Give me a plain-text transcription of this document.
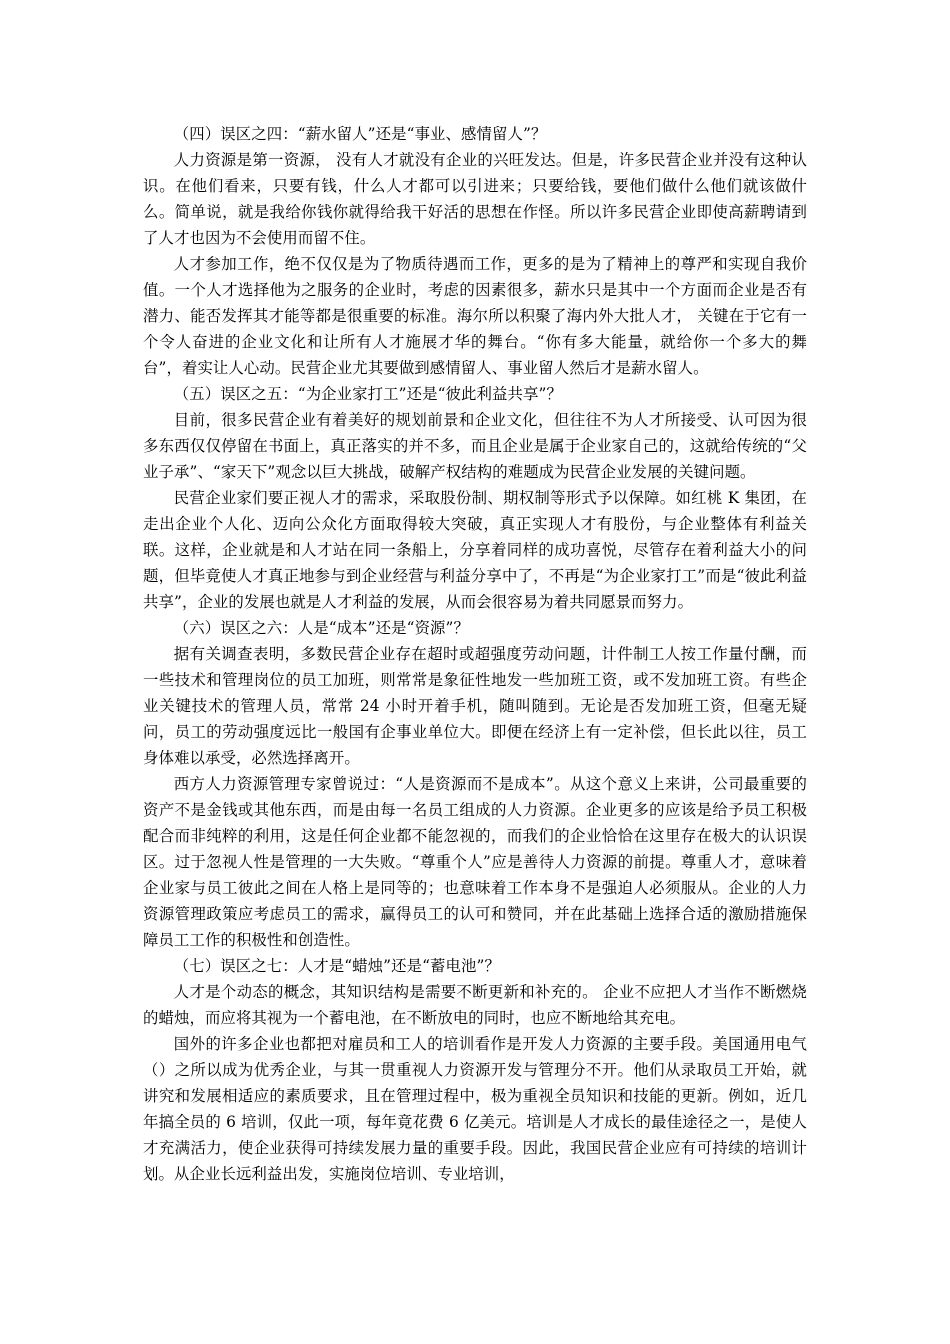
（四）误区之四：“薪水留人”还是“事业、感情留人”？

人力资源是第一资源， 没有人才就没有企业的兴旺发达。但是，许多民营企业并没有这种认识。在他们看来，只要有钱，什么人才都可以引进来；只要给钱，要他们做什么他们就该做什么。简单说，就是我给你钱你就得给我干好活的思想在作怪。所以许多民营企业即使高薪聘请到了人才也因为不会使用而留不住。

人才参加工作，绝不仅仅是为了物质待遇而工作，更多的是为了精神上的尊严和实现自我价值。一个人才选择他为之服务的企业时，考虑的因素很多，薪水只是其中一个方面而企业是否有潜力、能否发挥其才能等都是很重要的标准。海尔所以积聚了海内外大批人才， 关键在于它有一个令人奋进的企业文化和让所有人才施展才华的舞台。“你有多大能量，就给你一个多大的舞台”，着实让人心动。民营企业尤其要做到感情留人、事业留人然后才是薪水留人。

（五）误区之五：“为企业家打工”还是“彼此利益共享”？

目前，很多民营企业有着美好的规划前景和企业文化，但往往不为人才所接受、认可因为很多东西仅仅停留在书面上，真正落实的并不多，而且企业是属于企业家自己的，这就给传统的“父业子承”、“家天下”观念以巨大挑战，破解产权结构的难题成为民营企业发展的关键问题。

民营企业家们要正视人才的需求，采取股份制、期权制等形式予以保障。如红桃 K 集团，在走出企业个人化、迈向公众化方面取得较大突破，真正实现人才有股份，与企业整体有利益关联。这样，企业就是和人才站在同一条船上，分享着同样的成功喜悦，尽管存在着利益大小的问题，但毕竟使人才真正地参与到企业经营与利益分享中了，不再是“为企业家打工”而是“彼此利益共享”，企业的发展也就是人才利益的发展，从而会很容易为着共同愿景而努力。

（六）误区之六：人是“成本”还是“资源”？

据有关调查表明，多数民营企业存在超时或超强度劳动问题，计件制工人按工作量付酬，而一些技术和管理岗位的员工加班，则常常是象征性地发一些加班工资，或不发加班工资。有些企业关键技术的管理人员，常常 24 小时开着手机，随叫随到。无论是否发加班工资，但毫无疑问，员工的劳动强度远比一般国有企事业单位大。即便在经济上有一定补偿，但长此以往，员工身体难以承受，必然选择离开。

西方人力资源管理专家曾说过：“人是资源而不是成本”。从这个意义上来讲，公司最重要的资产不是金钱或其他东西，而是由每一名员工组成的人力资源。企业更多的应该是给予员工积极配合而非纯粹的利用，这是任何企业都不能忽视的，而我们的企业恰恰在这里存在极大的认识误区。过于忽视人性是管理的一大失败。“尊重个人”应是善待人力资源的前提。尊重人才，意味着企业家与员工彼此之间在人格上是同等的；也意味着工作本身不是强迫人必须服从。企业的人力资源管理政策应考虑员工的需求，赢得员工的认可和赞同，并在此基础上选择合适的激励措施保障员工工作的积极性和创造性。

（七）误区之七：人才是“蜡烛”还是“蓄电池”？

人才是个动态的概念，其知识结构是需要不断更新和补充的。 企业不应把人才当作不断燃烧的蜡烛，而应将其视为一个蓄电池，在不断放电的同时，也应不断地给其充电。

国外的许多企业也都把对雇员和工人的培训看作是开发人力资源的主要手段。美国通用电气（）之所以成为优秀企业，与其一贯重视人力资源开发与管理分不开。他们从录取员工开始，就讲究和发展相适应的素质要求，且在管理过程中，极为重视全员知识和技能的更新。例如，近几年搞全员的 6 培训，仅此一项，每年竟花费 6 亿美元。培训是人才成长的最佳途径之一，是使人才充满活力，使企业获得可持续发展力量的重要手段。因此，我国民营企业应有可持续的培训计划。从企业长远利益出发，实施岗位培训、专业培训，
